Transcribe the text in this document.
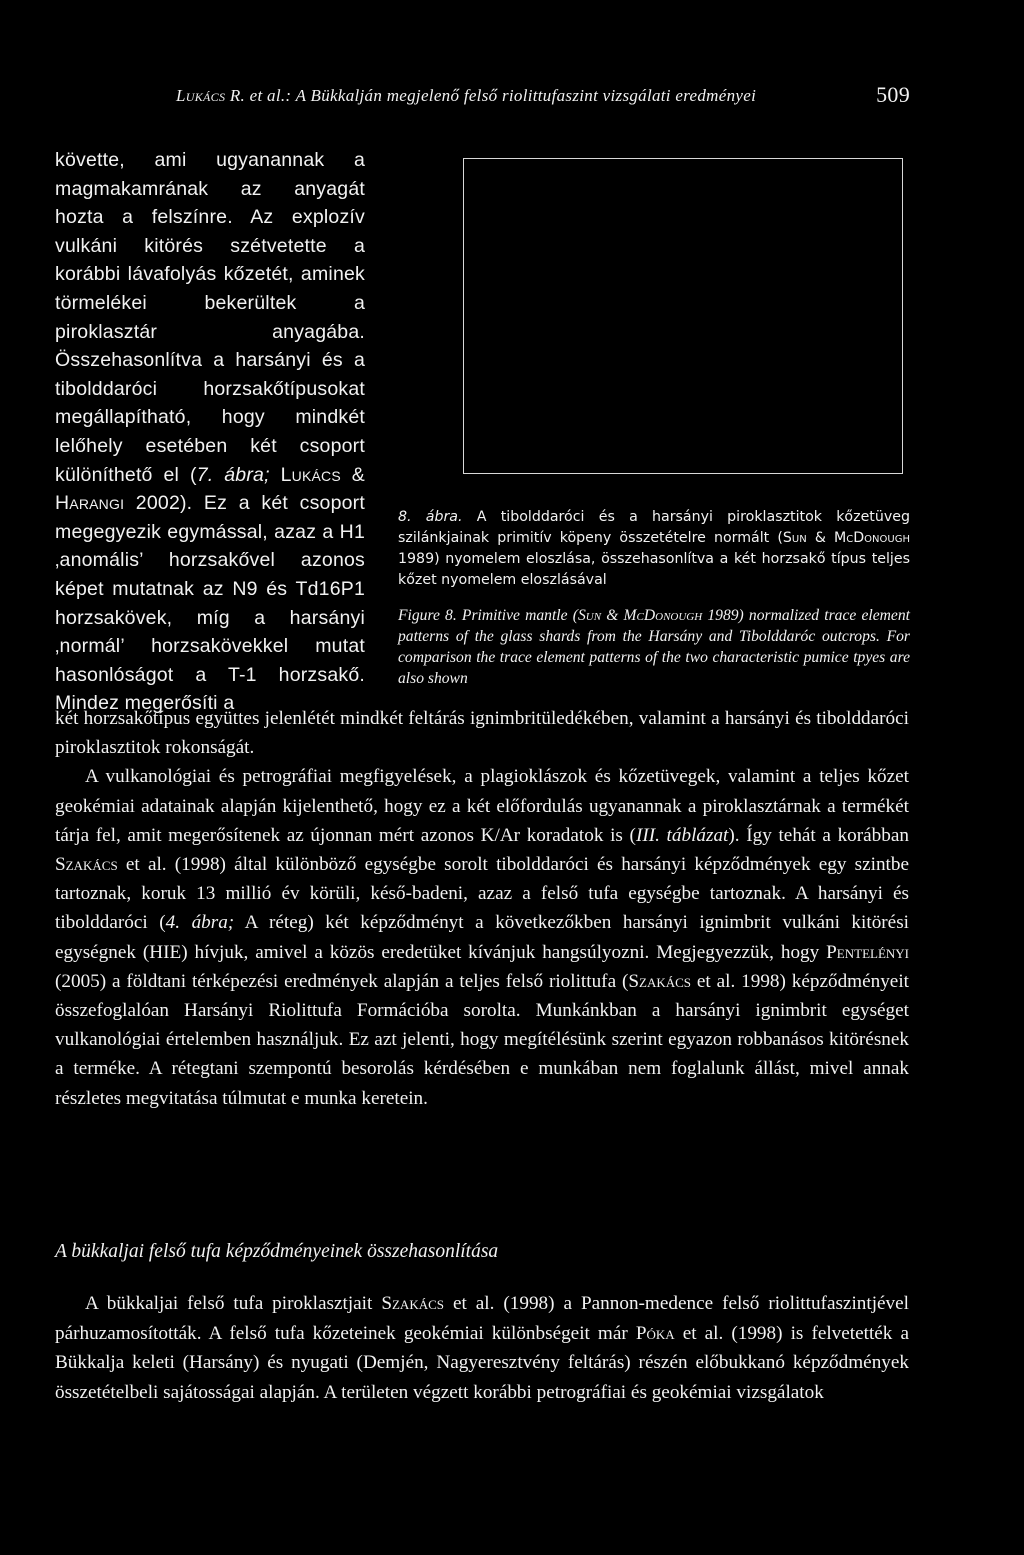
Lukács R. et al.: A Bükkalján megjelenő felső riolittufaszint vizsgálati eredményei	509
követte, ami ugyanannak a magmakamrának az anyagát hozta a felszínre. Az explozív vulkáni kitörés szétvetette a korábbi lávafolyás kőzetét, aminek törmelékei bekerültek a piroklasztár anyagába. Összehasonlítva a harsányi és a tibolddaróci horzsakőtípusokat megállapítható, hogy mindkét lelőhely esetében két csoport különíthető el (7. ábra; Lukács & Harangi 2002). Ez a két csoport megegyezik egymással, azaz a H1 ‚anomális’ horzsakővel azonos képet mutatnak az N9 és Td16P1 horzsakövek, míg a harsányi ‚normál’ horzsakövekkel mutat hasonlóságot a T-1 horzsakő. Mindez megerősíti a
8. ábra. A tibolddaróci és a harsányi piroklasztitok kőzetüveg szilánkjainak primitív köpeny összetételre normált (Sun & McDonough 1989) nyomelem eloszlása, összehasonlítva a két horzsakő típus teljes kőzet nyomelem eloszlásával
Figure 8. Primitive mantle (Sun & McDonough 1989) normalized trace element patterns of the glass shards from the Harsány and Tibolddaróc outcrops. For comparison the trace element patterns of the two characteristic pumice tpyes are also shown

két horzsakőtípus együttes jelenlétét mindkét feltárás ignimbritüledékében, valamint a harsányi és tibolddaróci piroklasztitok rokonságát.

A vulkanológiai és petrográfiai megfigyelések, a plagioklászok és kőzetüvegek, valamint a teljes kőzet geokémiai adatainak alapján kijelenthető, hogy ez a két előfordulás ugyanannak a piroklasztárnak a termékét tárja fel, amit megerősítenek az újonnan mért azonos K/Ar koradatok is (III. táblázat). Így tehát a korábban Szakács et al. (1998) által különböző egységbe sorolt tibolddaróci és harsányi képződmények egy szintbe tartoznak, koruk 13 millió év körüli, késő-badeni, azaz a felső tufa egységbe tartoznak. A harsányi és tibolddaróci (4. ábra; A réteg) két képződményt a következőkben harsányi ignimbrit vulkáni kitörési egységnek (HIE) hívjuk, amivel a közös eredetüket kívánjuk hangsúlyozni. Megjegyezzük, hogy Pentelényi (2005) a földtani térképezési eredmények alapján a teljes felső riolittufa (Szakács et al. 1998) képződményeit összefoglalóan Harsányi Riolittufa Formációba sorolta. Munkánkban a harsányi ignimbrit egységet vulkanológiai értelemben használjuk. Ez azt jelenti, hogy megítélésünk szerint egyazon robbanásos kitörésnek a terméke. A rétegtani szempontú besorolás kérdésében e munkában nem foglalunk állást, mivel annak részletes megvitatása túlmutat e munka keretein.

A bükkaljai felső tufa képződményeinek összehasonlítása

A bükkaljai felső tufa piroklasztjait Szakács et al. (1998) a Pannon-medence felső riolittufaszintjével párhuzamosították. A felső tufa kőzeteinek geokémiai különbségeit már Póka et al. (1998) is felvetették a Bükkalja keleti (Harsány) és nyugati (Demjén, Nagyeresztvény feltárás) részén előbukkanó képződmények összetételbeli sajátosságai alapján. A területen végzett korábbi petrográfiai és geokémiai vizsgálatok
